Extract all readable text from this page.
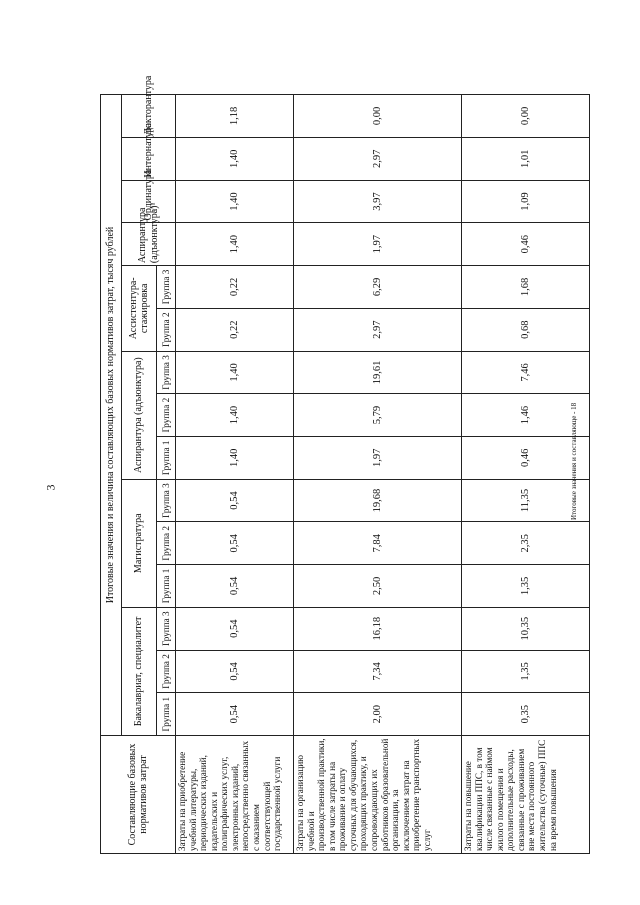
3
Составляющие базовых нормативов затрат	Итоговые значения и величина составляющих базовых нормативов затрат, тысяч рублей														
	Бакалавриат, специалитет			Магистратура			Аспирантура (адъюнктура)			Ассистентура-стажировка		Аспирантура (адъюнктура)¹	Ординатура	Интернатура	Докторантура
	Группа 1	Группа 2	Группа 3	Группа 1	Группа 2	Группа 3	Группа 1	Группа 2	Группа 3	Группа 2	Группа 3				
Затраты на приобретение учебной литературы, периодических изданий, издательских и полиграфических услуг, электронных изданий, непосредственно связанных с оказанием соответствующей государственной услуги	0,54	0,54	0,54	0,54	0,54	0,54	1,40	1,40	1,40	0,22	0,22	1,40	1,40	1,40	1,18
Затраты на организацию учебной и производственной практики, в том числе затраты на проживание и оплату суточных для обучающихся, проходящих практику, и сопровождающих их работников образовательной организации, за исключением затрат на приобретение транспортных услуг	2,00	7,34	16,18	2,50	7,84	19,68	1,97	5,79	19,61	2,97	6,29	1,97	3,97	2,97	0,00
Затраты на повышение квалификации ППС, в том числе связанные с наймом жилого помещения и дополнительные расходы, связанные с проживанием вне места постоянного жительства (суточные) ППС на время повышения	0,35	1,35	10,35	1,35	2,35	11,35	0,46	1,46	7,46	0,68	1,68	0,46	1,09	1,01	0,00
Итоговые значения и составляюще - 18
